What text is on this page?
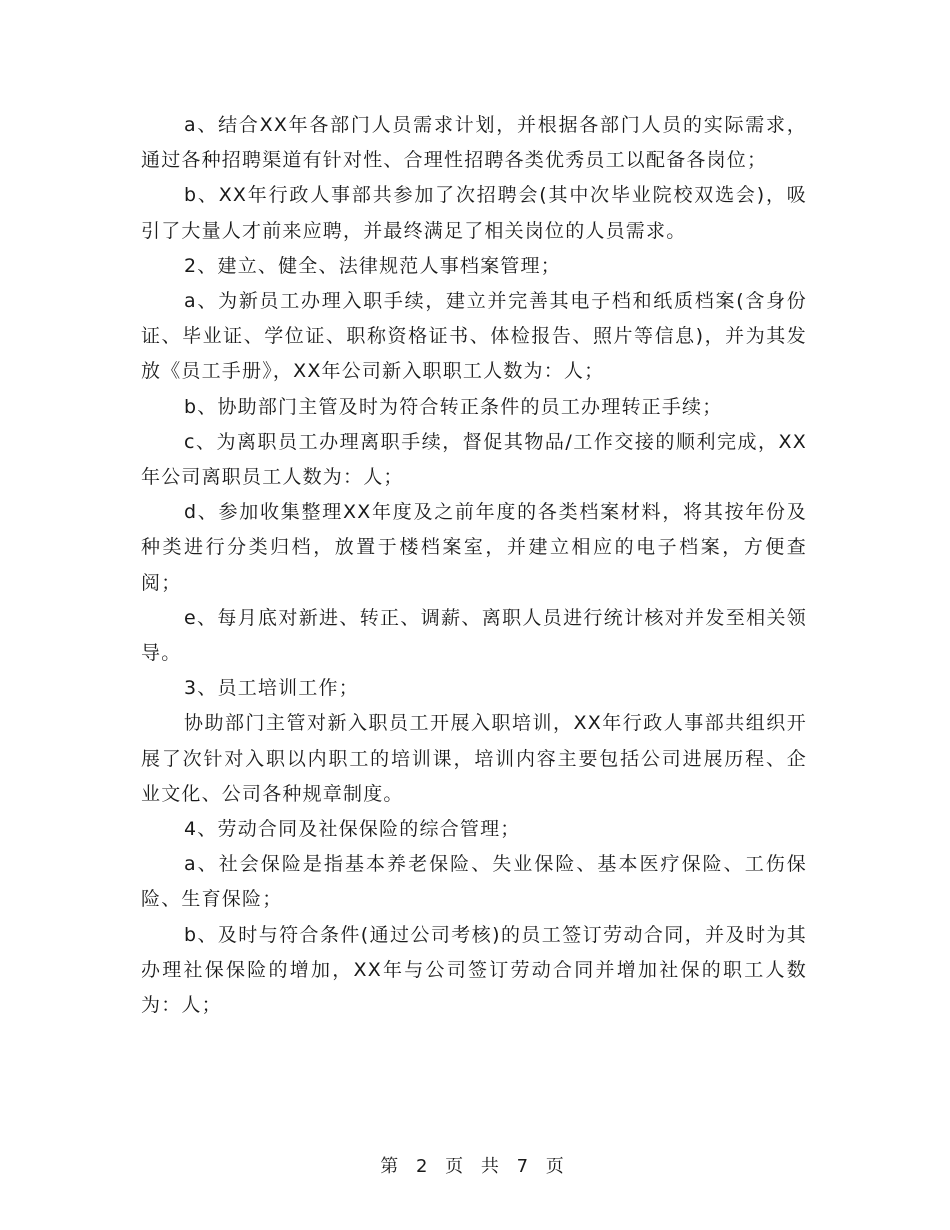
a、结合XX年各部门人员需求计划，并根据各部门人员的实际需求，通过各种招聘渠道有针对性、合理性招聘各类优秀员工以配备各岗位；

b、XX年行政人事部共参加了次招聘会(其中次毕业院校双选会)，吸引了大量人才前来应聘，并最终满足了相关岗位的人员需求。

2、建立、健全、法律规范人事档案管理；

a、为新员工办理入职手续，建立并完善其电子档和纸质档案(含身份证、毕业证、学位证、职称资格证书、体检报告、照片等信息)，并为其发放《员工手册》，XX年公司新入职职工人数为：人；

b、协助部门主管及时为符合转正条件的员工办理转正手续；

c、为离职员工办理离职手续，督促其物品/工作交接的顺利完成，XX年公司离职员工人数为：人；

d、参加收集整理XX年度及之前年度的各类档案材料，将其按年份及种类进行分类归档，放置于楼档案室，并建立相应的电子档案，方便查阅；

e、每月底对新进、转正、调薪、离职人员进行统计核对并发至相关领导。

3、员工培训工作；

协助部门主管对新入职员工开展入职培训，XX年行政人事部共组织开展了次针对入职以内职工的培训课，培训内容主要包括公司进展历程、企业文化、公司各种规章制度。

4、劳动合同及社保保险的综合管理；

a、社会保险是指基本养老保险、失业保险、基本医疗保险、工伤保险、生育保险；

b、及时与符合条件(通过公司考核)的员工签订劳动合同，并及时为其办理社保保险的增加，XX年与公司签订劳动合同并增加社保的职工人数为：人；

第 2 页 共 7 页
